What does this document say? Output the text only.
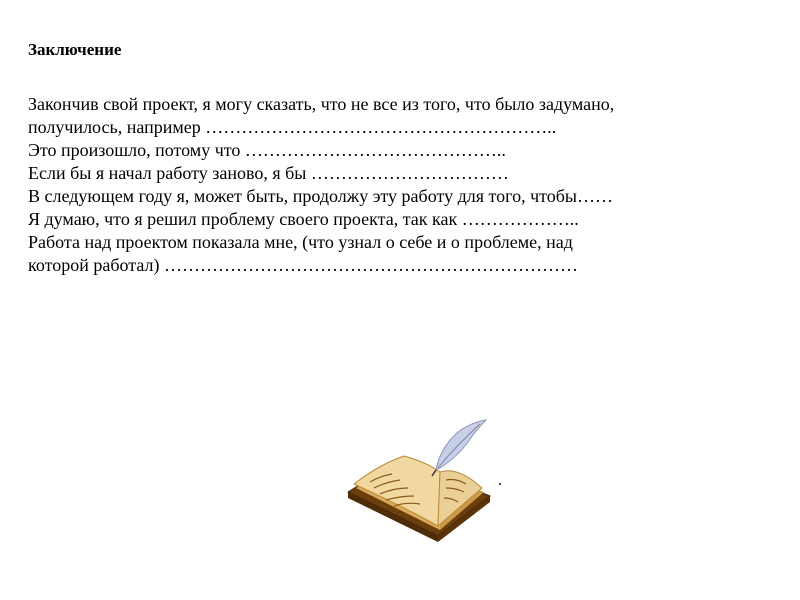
Заключение
Закончив свой проект, я могу сказать, что не все из того, что было задумано,
получилось, например …………………………………………………..
Это произошло, потому что ……………………………………..
Если бы я начал работу заново, я бы ……………………………
В следующем году я, может быть, продолжу эту работу для того, чтобы……
Я думаю, что я решил проблему своего проекта, так как ………………..
Работа над проектом показала мне, (что узнал о себе и о проблеме, над
которой работал) ……………………………………………………………
